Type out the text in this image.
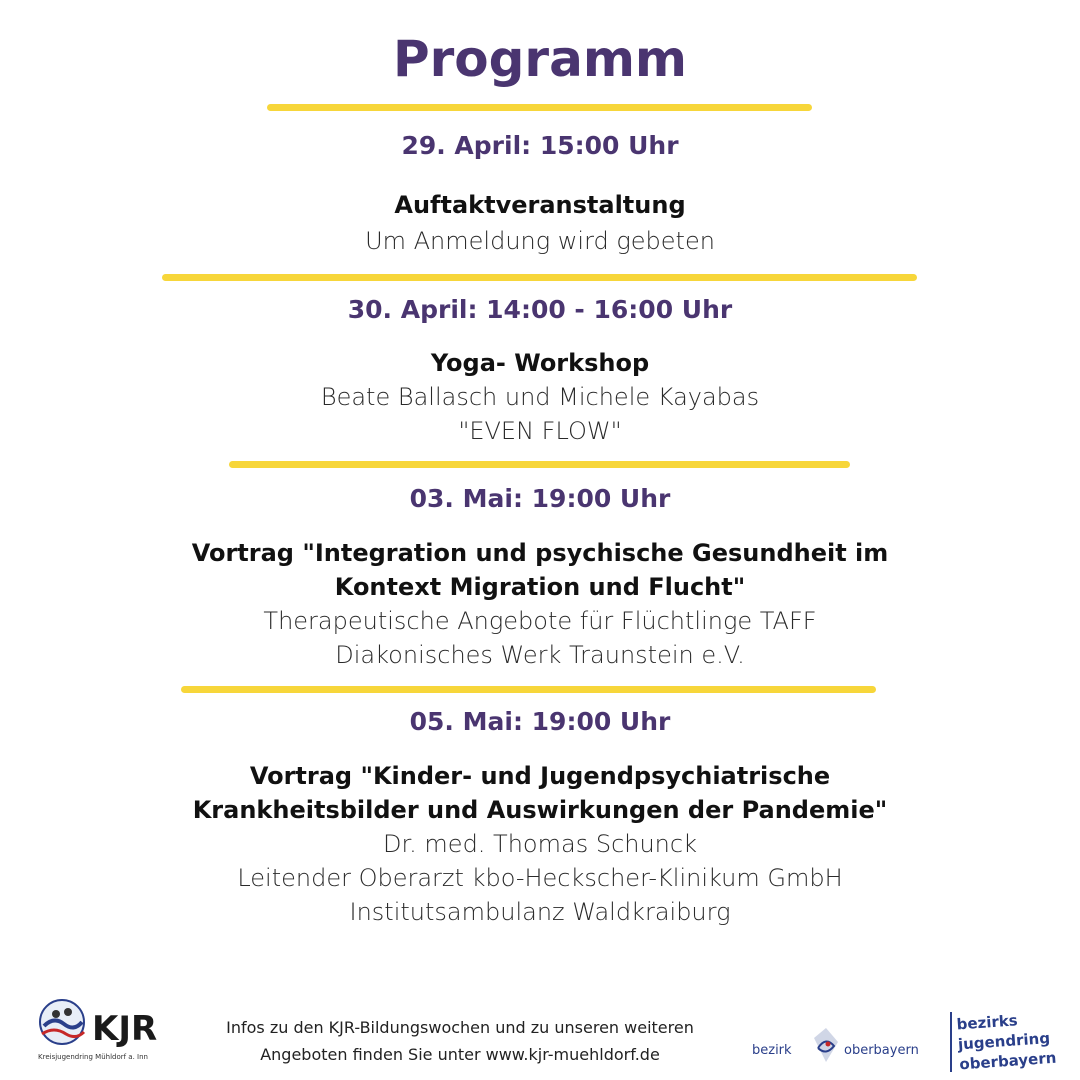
Programm
29. April: 15:00 Uhr
Auftaktveranstaltung
Um Anmeldung wird gebeten
30. April: 14:00 - 16:00 Uhr
Yoga- Workshop
Beate Ballasch und Michele Kayabas
"EVEN FLOW"
03. Mai: 19:00 Uhr
Vortrag "Integration und psychische Gesundheit im
Kontext Migration und Flucht"
Therapeutische Angebote für Flüchtlinge TAFF
Diakonisches Werk Traunstein e.V.
05. Mai: 19:00 Uhr
Vortrag "Kinder- und Jugendpsychiatrische
Krankheitsbilder und Auswirkungen der Pandemie"
Dr. med. Thomas Schunck
Leitender Oberarzt kbo-Heckscher-Klinikum GmbH
Institutsambulanz Waldkraiburg
KJR
Kreisjugendring Mühldorf a. Inn
Infos zu den KJR-Bildungswochen und zu unseren weiteren
Angeboten finden Sie unter www.kjr-muehldorf.de	bezirk	oberbayern
bezirks
jugendring
oberbayern
